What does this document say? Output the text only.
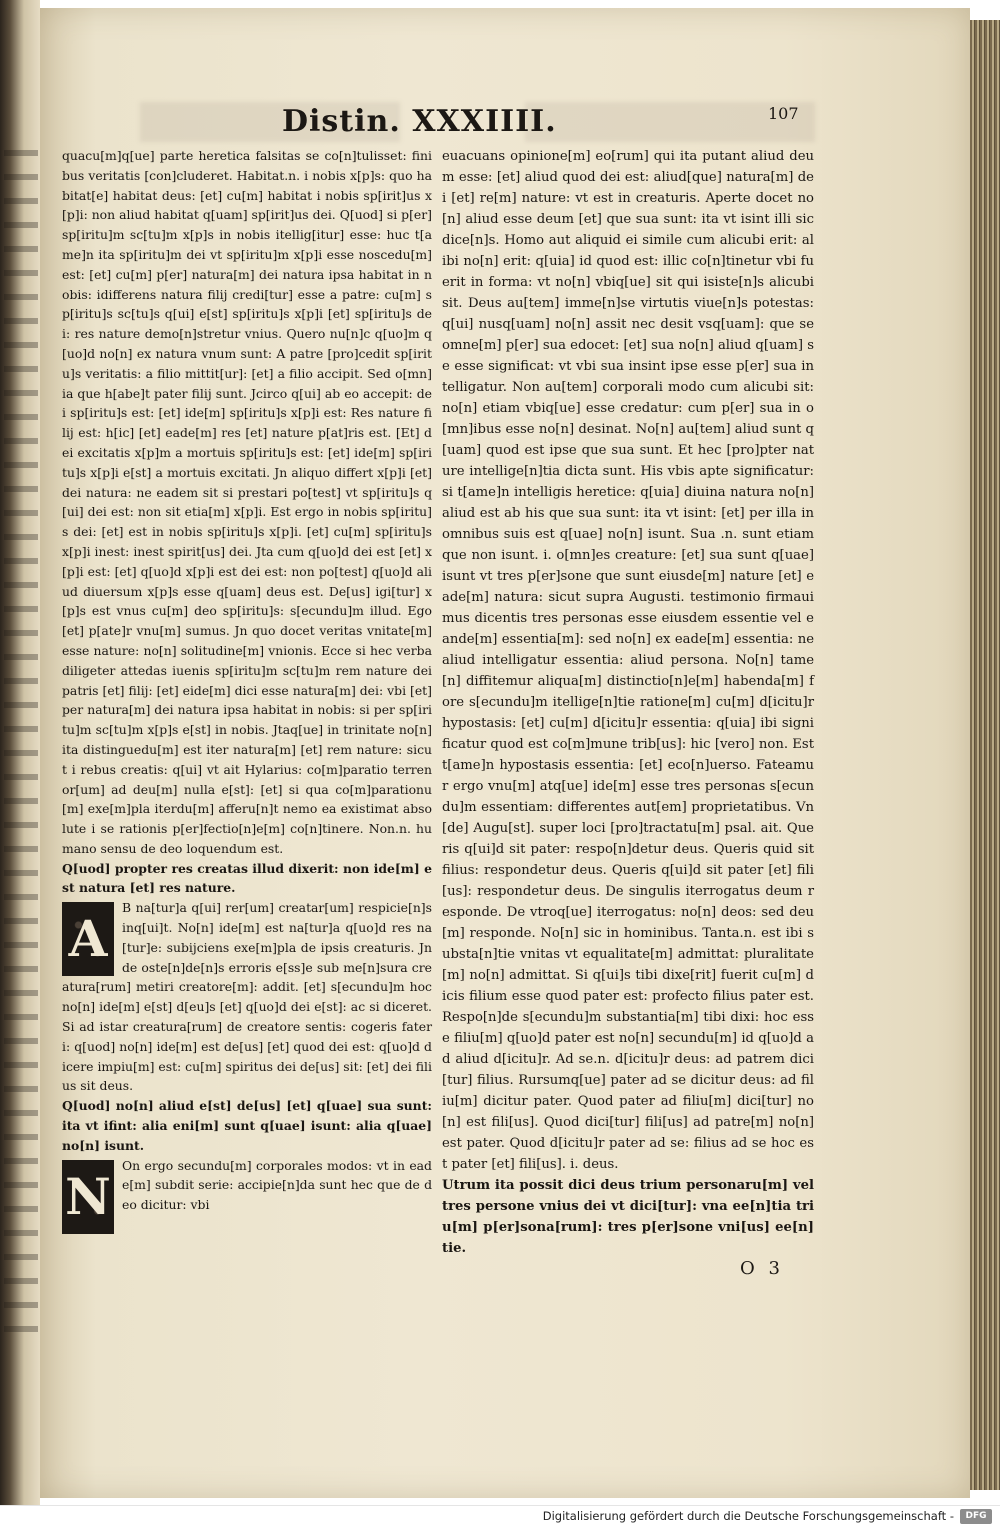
Distin. XXXIIII.	107

quacu[m]q[ue] parte heretica falsitas se co[n]tulisset: finibus veritatis [con]cluderet. Habitat.n. i nobis x[p]s: quo habitat[e] habitat deus: [et] cu[m] habitat i nobis sp[irit]us x[p]i: non aliud habitat q[uam] sp[irit]us dei. Q[uod] si p[er] sp[iritu]m sc[tu]m x[p]s in nobis itellig[itur] esse: huc t[ame]n ita sp[iritu]m dei vt sp[iritu]m x[p]i esse noscedu[m] est: [et] cu[m] p[er] natura[m] dei natura ipsa habitat in nobis: idifferens natura filij credi[tur] esse a patre: cu[m] sp[iritu]s sc[tu]s q[ui] e[st] sp[iritu]s x[p]i [et] sp[iritu]s dei: res nature demo[n]stretur vnius. Quero nu[n]c q[uo]m q[uo]d no[n] ex natura vnum sunt: A patre [pro]cedit sp[iritu]s veritatis: a filio mittit[ur]: [et] a filio accipit. Sed o[mn]ia que h[abe]t pater filij sunt. Jcirco q[ui] ab eo accepit: dei sp[iritu]s est: [et] ide[m] sp[iritu]s x[p]i est: Res nature filij est: h[ic] [et] eade[m] res [et] nature p[at]ris est. [Et] dei excitatis x[p]m a mortuis sp[iritu]s est: [et] ide[m] sp[iritu]s x[p]i e[st] a mortuis excitati. Jn aliquo differt x[p]i [et] dei natura: ne eadem sit si prestari po[test] vt sp[iritu]s q[ui] dei est: non sit etia[m] x[p]i. Est ergo in nobis sp[iritu]s dei: [et] est in nobis sp[iritu]s x[p]i. [et] cu[m] sp[iritu]s x[p]i inest: inest spirit[us] dei. Jta cum q[uo]d dei est [et] x[p]i est: [et] q[uo]d x[p]i est dei est: non po[test] q[uo]d aliud diuersum x[p]s esse q[uam] deus est. De[us] igi[tur] x[p]s est vnus cu[m] deo sp[iritu]s: s[ecundu]m illud. Ego [et] p[ate]r vnu[m] sumus. Jn quo docet veritas vnitate[m] esse nature: no[n] solitudine[m] vnionis. Ecce si hec verba diligeter attedas iuenis sp[iritu]m sc[tu]m rem nature dei patris [et] filij: [et] eide[m] dici esse natura[m] dei: vbi [et] per natura[m] dei natura ipsa habitat in nobis: si per sp[iritu]m sc[tu]m x[p]s e[st] in nobis. Jtaq[ue] in trinitate no[n] ita distinguedu[m] est iter natura[m] [et] rem nature: sicut i rebus creatis: q[ui] vt ait Hylarius: co[m]paratio terrenor[um] ad deu[m] nulla e[st]: [et] si qua co[m]parationu[m] exe[m]pla iterdu[m] afferu[n]t nemo ea existimat absolute i se rationis p[er]fectio[n]e[m] co[n]tinere. Non.n. humano sensu de deo loquendum est.

Q[uod] propter res creatas illud dixerit: non ide[m] est natura [et] res nature.

A
B na[tur]a q[ui] rer[um] creatar[um] respicie[n]s inq[ui]t. No[n] ide[m] est na[tur]a q[uo]d res na[tur]e: subijciens exe[m]pla de ipsis creaturis. Jnde oste[n]de[n]s erroris e[ss]e sub me[n]sura creatura[rum] metiri creatore[m]: addit. [et] s[ecundu]m hoc no[n] ide[m] e[st] d[eu]s [et] q[uo]d dei e[st]: ac si diceret. Si ad istar creatura[rum] de creatore sentis: cogeris fateri: q[uod] no[n] ide[m] est de[us] [et] quod dei est: q[uo]d dicere impiu[m] est: cu[m] spiritus dei de[us] sit: [et] dei filius sit deus.

Q[uod] no[n] aliud e[st] de[us] [et] q[uae] sua sunt: ita vt ifint: alia eni[m] sunt q[uae] isunt: alia q[uae] no[n] isunt.

N
On ergo secundu[m] corporales modos: vt in eade[m] subdit serie: accipie[n]da sunt hec que de deo dicitur: vbi

euacuans opinione[m] eo[rum] qui ita putant aliud deum esse: [et] aliud quod dei est: aliud[que] natura[m] dei [et] re[m] nature: vt est in creaturis. Aperte docet no[n] aliud esse deum [et] que sua sunt: ita vt isint illi sic dice[n]s. Homo aut aliquid ei simile cum alicubi erit: alibi no[n] erit: q[uia] id quod est: illic co[n]tinetur vbi fuerit in forma: vt no[n] vbiq[ue] sit qui isiste[n]s alicubi sit. Deus au[tem] imme[n]se virtutis viue[n]s potestas: q[ui] nusq[uam] no[n] assit nec desit vsq[uam]: que se omne[m] p[er] sua edocet: [et] sua no[n] aliud q[uam] se esse significat: vt vbi sua insint ipse esse p[er] sua intelligatur. Non au[tem] corporali modo cum alicubi sit: no[n] etiam vbiq[ue] esse credatur: cum p[er] sua in o[mn]ibus esse no[n] desinat. No[n] au[tem] aliud sunt q[uam] quod est ipse que sua sunt. Et hec [pro]pter nature intellige[n]tia dicta sunt. His vbis apte significatur: si t[ame]n intelligis heretice: q[uia] diuina natura no[n] aliud est ab his que sua sunt: ita vt isint: [et] per illa in omnibus suis est q[uae] no[n] isunt. Sua .n. sunt etiam que non isunt. i. o[mn]es creature: [et] sua sunt q[uae] isunt vt tres p[er]sone que sunt eiusde[m] nature [et] eade[m] natura: sicut supra Augusti. testimonio firmauimus dicentis tres personas esse eiusdem essentie vel eande[m] essentia[m]: sed no[n] ex eade[m] essentia: ne aliud intelligatur essentia: aliud persona. No[n] tame[n] diffitemur aliqua[m] distinctio[n]e[m] habenda[m] fore s[ecundu]m itellige[n]tie ratione[m] cu[m] d[icitu]r hypostasis: [et] cu[m] d[icitu]r essentia: q[uia] ibi significatur quod est co[m]mune trib[us]: hic [vero] non. Est t[ame]n hypostasis essentia: [et] eco[n]uerso. Fateamur ergo vnu[m] atq[ue] ide[m] esse tres personas s[ecundu]m essentiam: differentes aut[em] proprietatibus. Vn[de] Augu[st]. super loci [pro]tractatu[m] psal. ait. Queris q[ui]d sit pater: respo[n]detur deus. Queris quid sit filius: respondetur deus. Queris q[ui]d sit pater [et] fili[us]: respondetur deus. De singulis iterrogatus deum responde. De vtroq[ue] iterrogatus: no[n] deos: sed deu[m] responde. No[n] sic in hominibus. Tanta.n. est ibi substa[n]tie vnitas vt equalitate[m] admittat: pluralitate[m] no[n] admittat. Si q[ui]s tibi dixe[rit] fuerit cu[m] dicis filium esse quod pater est: profecto filius pater est. Respo[n]de s[ecundu]m substantia[m] tibi dixi: hoc esse filiu[m] q[uo]d pater est no[n] secundu[m] id q[uo]d ad aliud d[icitu]r. Ad se.n. d[icitu]r deus: ad patrem dici[tur] filius. Rursumq[ue] pater ad se dicitur deus: ad filiu[m] dicitur pater. Quod pater ad filiu[m] dici[tur] no[n] est fili[us]. Quod dici[tur] fili[us] ad patre[m] no[n] est pater. Quod d[icitu]r pater ad se: filius ad se hoc est pater [et] fili[us]. i. deus.

Utrum ita possit dici deus trium personaru[m] vel tres persone vnius dei vt dici[tur]: vna ee[n]tia triu[m] p[er]sona[rum]: tres p[er]sone vni[us] ee[n]tie.

O 3
Digitalisierung gefördert durch die Deutsche Forschungsgemeinschaft -	DFG
